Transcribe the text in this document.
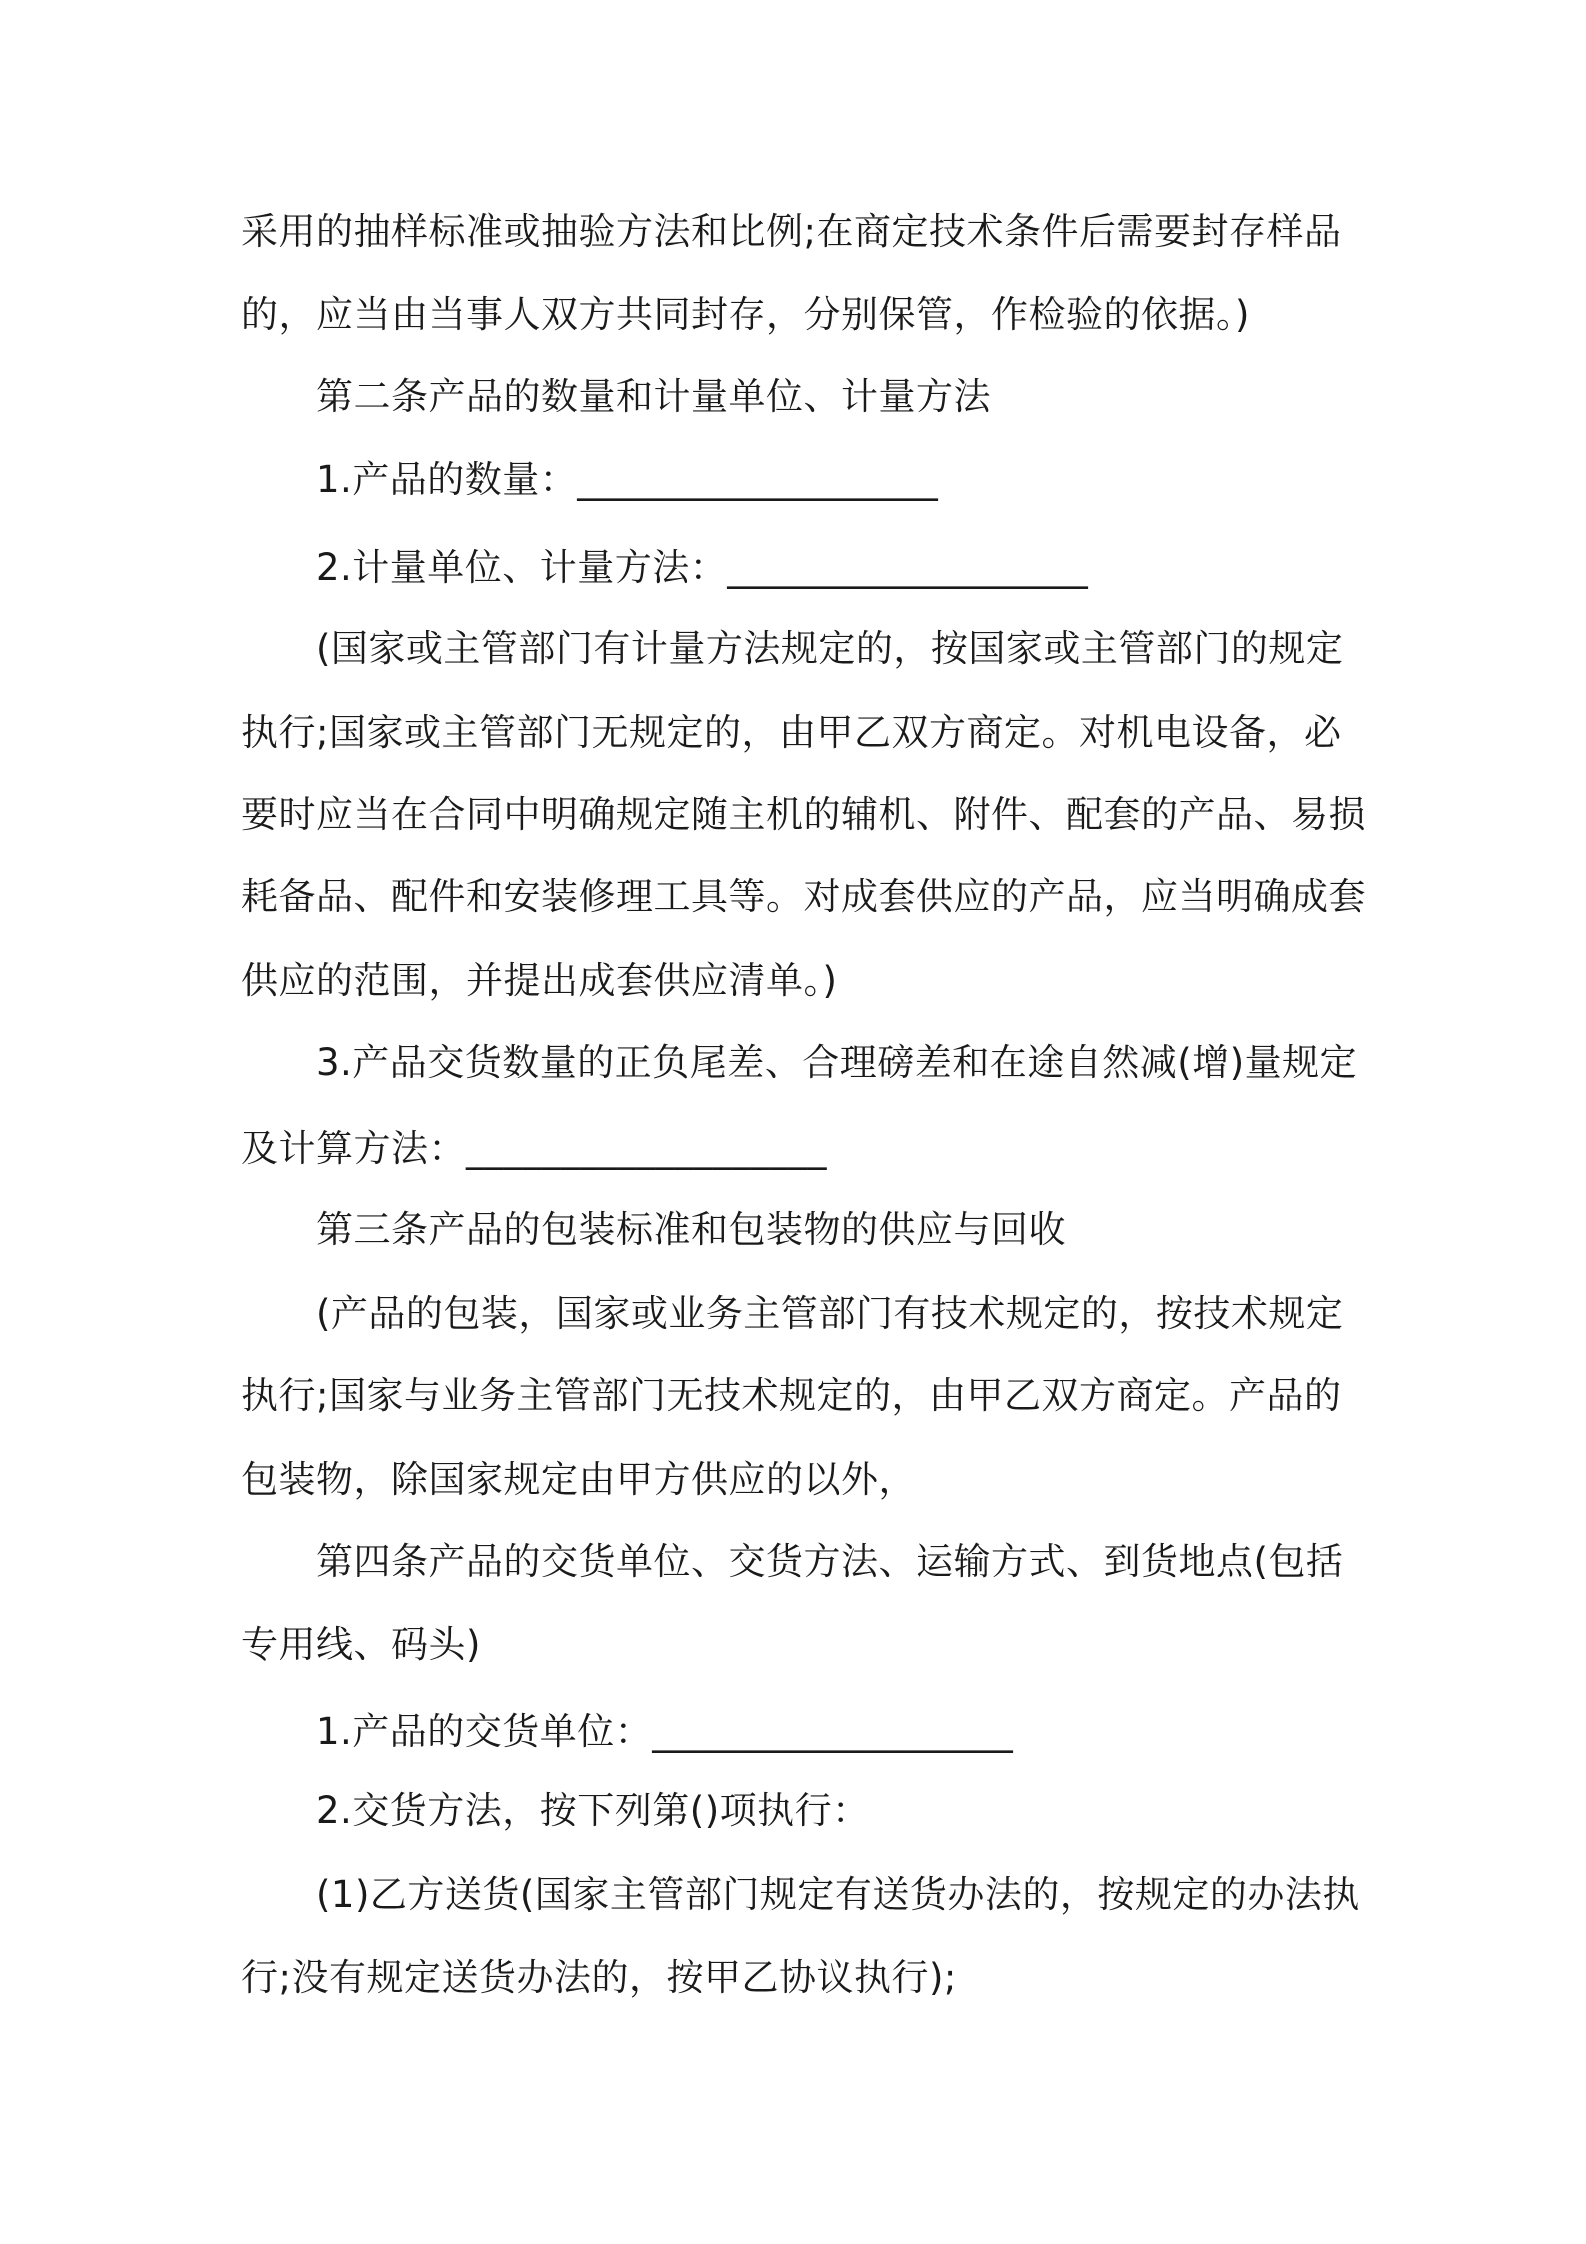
采用的抽样标准或抽验方法和比例;在商定技术条件后需要封存样品
的，应当由当事人双方共同封存，分别保管，作检验的依据。)
第二条产品的数量和计量单位、计量方法
1.产品的数量：___________________
2.计量单位、计量方法：___________________
(国家或主管部门有计量方法规定的，按国家或主管部门的规定
执行;国家或主管部门无规定的，由甲乙双方商定。对机电设备，必
要时应当在合同中明确规定随主机的辅机、附件、配套的产品、易损
耗备品、配件和安装修理工具等。对成套供应的产品，应当明确成套
供应的范围，并提出成套供应清单。)
3.产品交货数量的正负尾差、合理磅差和在途自然减(增)量规定
及计算方法：___________________
第三条产品的包装标准和包装物的供应与回收
(产品的包装，国家或业务主管部门有技术规定的，按技术规定
执行;国家与业务主管部门无技术规定的，由甲乙双方商定。产品的
包装物，除国家规定由甲方供应的以外，
第四条产品的交货单位、交货方法、运输方式、到货地点(包括
专用线、码头)
1.产品的交货单位：___________________
2.交货方法，按下列第()项执行：
(1)乙方送货(国家主管部门规定有送货办法的，按规定的办法执
行;没有规定送货办法的，按甲乙协议执行);
